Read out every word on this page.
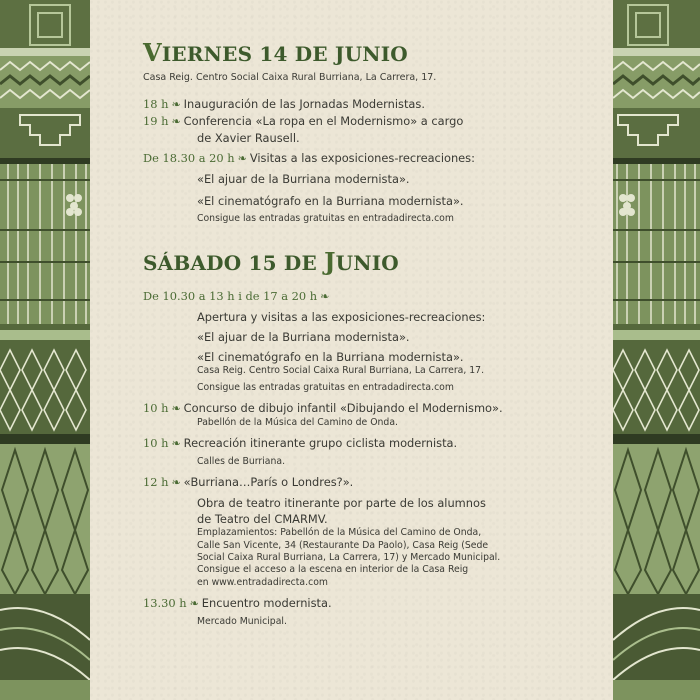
VIERNES 14 DE JUNIO

Casa Reig. Centro Social Caixa Rural Burriana, La Carrera, 17.

18 h ❧ Inauguración de las Jornadas Modernistas.
19 h ❧ Conferencia «La ropa en el Modernismo» a cargo
de Xavier Rausell.
De 18.30 a 20 h ❧ Visitas a las exposiciones-recreaciones:
«El ajuar de la Burriana modernista».
«El cinematógrafo en la Burriana modernista».
Consigue las entradas gratuitas en entradadirecta.com
SÁBADO 15 DE JUNIO
De 10.30 a 13 h i de 17 a 20 h ❧
Apertura y visitas a las exposiciones-recreaciones:
«El ajuar de la Burriana modernista».
«El cinematógrafo en la Burriana modernista».
Casa Reig. Centro Social Caixa Rural Burriana, La Carrera, 17.
Consigue las entradas gratuitas en entradadirecta.com
10 h ❧ Concurso de dibujo infantil «Dibujando el Modernismo».
Pabellón de la Música del Camino de Onda.
10 h ❧ Recreación itinerante grupo ciclista modernista.
Calles de Burriana.
12 h ❧ «Burriana…París o Londres?».
Obra de teatro itinerante por parte de los alumnos
de Teatro del CMARMV.
Emplazamientos: Pabellón de la Música del Camino de Onda,
Calle San Vicente, 34 (Restaurante Da Paolo), Casa Reig (Sede
Social Caixa Rural Burriana, La Carrera, 17) y Mercado Municipal.
Consigue el acceso a la escena en interior de la Casa Reig
en www.entradadirecta.com
13.30 h ❧ Encuentro modernista.
Mercado Municipal.
